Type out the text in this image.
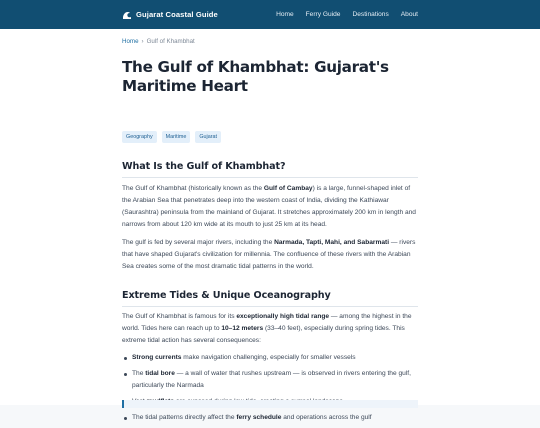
Gujarat Coastal Guide	Home Ferry Guide Destinations About
Home › Gulf of Khambhat
The Gulf of Khambhat: Gujarat's Maritime Heart
Geography	Maritime	Gujarat
What Is the Gulf of Khambhat?

The Gulf of Khambhat (historically known as the Gulf of Cambay) is a large, funnel-shaped inlet of the Arabian Sea that penetrates deep into the western coast of India, dividing the Kathiawar (Saurashtra) peninsula from the mainland of Gujarat. It stretches approximately 200 km in length and narrows from about 120 km wide at its mouth to just 25 km at its head.

The gulf is fed by several major rivers, including the Narmada, Tapti, Mahi, and Sabarmati — rivers that have shaped Gujarat's civilization for millennia. The confluence of these rivers with the Arabian Sea creates some of the most dramatic tidal patterns in the world.

Extreme Tides & Unique Oceanography

The Gulf of Khambhat is famous for its exceptionally high tidal range — among the highest in the world. Tides here can reach up to 10–12 meters (33–40 feet), especially during spring tides. This extreme tidal action has several consequences:

Strong currents make navigation challenging, especially for smaller vessels
The tidal bore — a wall of water that rushes upstream — is observed in rivers entering the gulf, particularly the Narmada
The tidal patterns directly affect the ferry schedule and operations across the gulf
